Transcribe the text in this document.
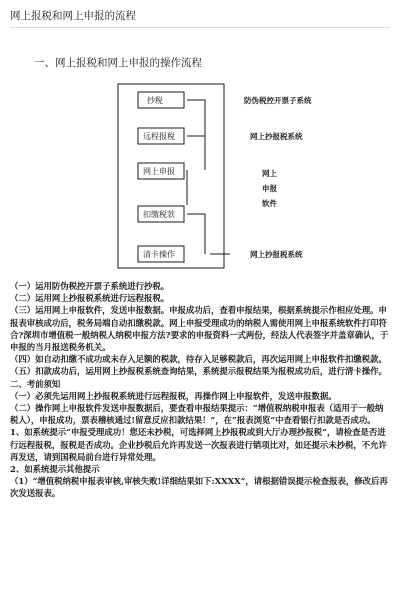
网上报税和网上申报的流程
一、网上报税和网上申报的操作流程
抄税
远程报税
网上申报
扣缴税款
清卡操作
防伪税控开票子系统
网上抄报税系统
网上
申报
软件
网上抄报税系统

（一）运用防伪税控开票子系统进行抄税。

（二）运用网上抄报税系统进行远程报税。

（三）运用网上申报软件，发送申报数据。申报成功后，查看申报结果，根据系统提示作相应处理。申报表审核成功后，税务局端自动扣缴税款。网上申报受理成功的纳税人需使用网上申报系统软件打印符合?深圳市增值税一般纳税人纳税申报方法?要求的申报资料一式两份，经法人代表签字并盖章确认，于申报的当月报送税务机关。

（四）如自动扣缴不成功或未存入足额的税款，待存入足够税款后，再次运用网上申报软件扣缴税款。

（五）扣款成功后，运用网上抄报税系统查询结果，系统提示报税结果为报税成功后，进行清卡操作。

二、考前须知

（一）必须先运用网上抄报税系统进行远程报税，再操作网上申报软件，发送申报数据。

（二）操作网上申报软件发送申报数据后，要查看申报结果提示：“增值税纳税申报表（适用于一般纳税人），申报成功，票表稽核通过!留意反应扣款结果！”，在“报表浏览”中查看银行扣款是否成功。

1、如系统提示“申报受理成功！您还未抄税，可选择网上抄报税或到大厅办理抄报税”，请检查是否进行远程报税，报税是否成功。企业抄税后允许再发送一次报表进行销项比对，如还提示未抄税，不允许再发送，请到国税局前台进行异常处理。

2、如系统提示其他提示

（1）“增值税纳税申报表审核,审核失败!详细结果如下:XXXX”，请根据错误提示检查报表，修改后再次发送报表。
